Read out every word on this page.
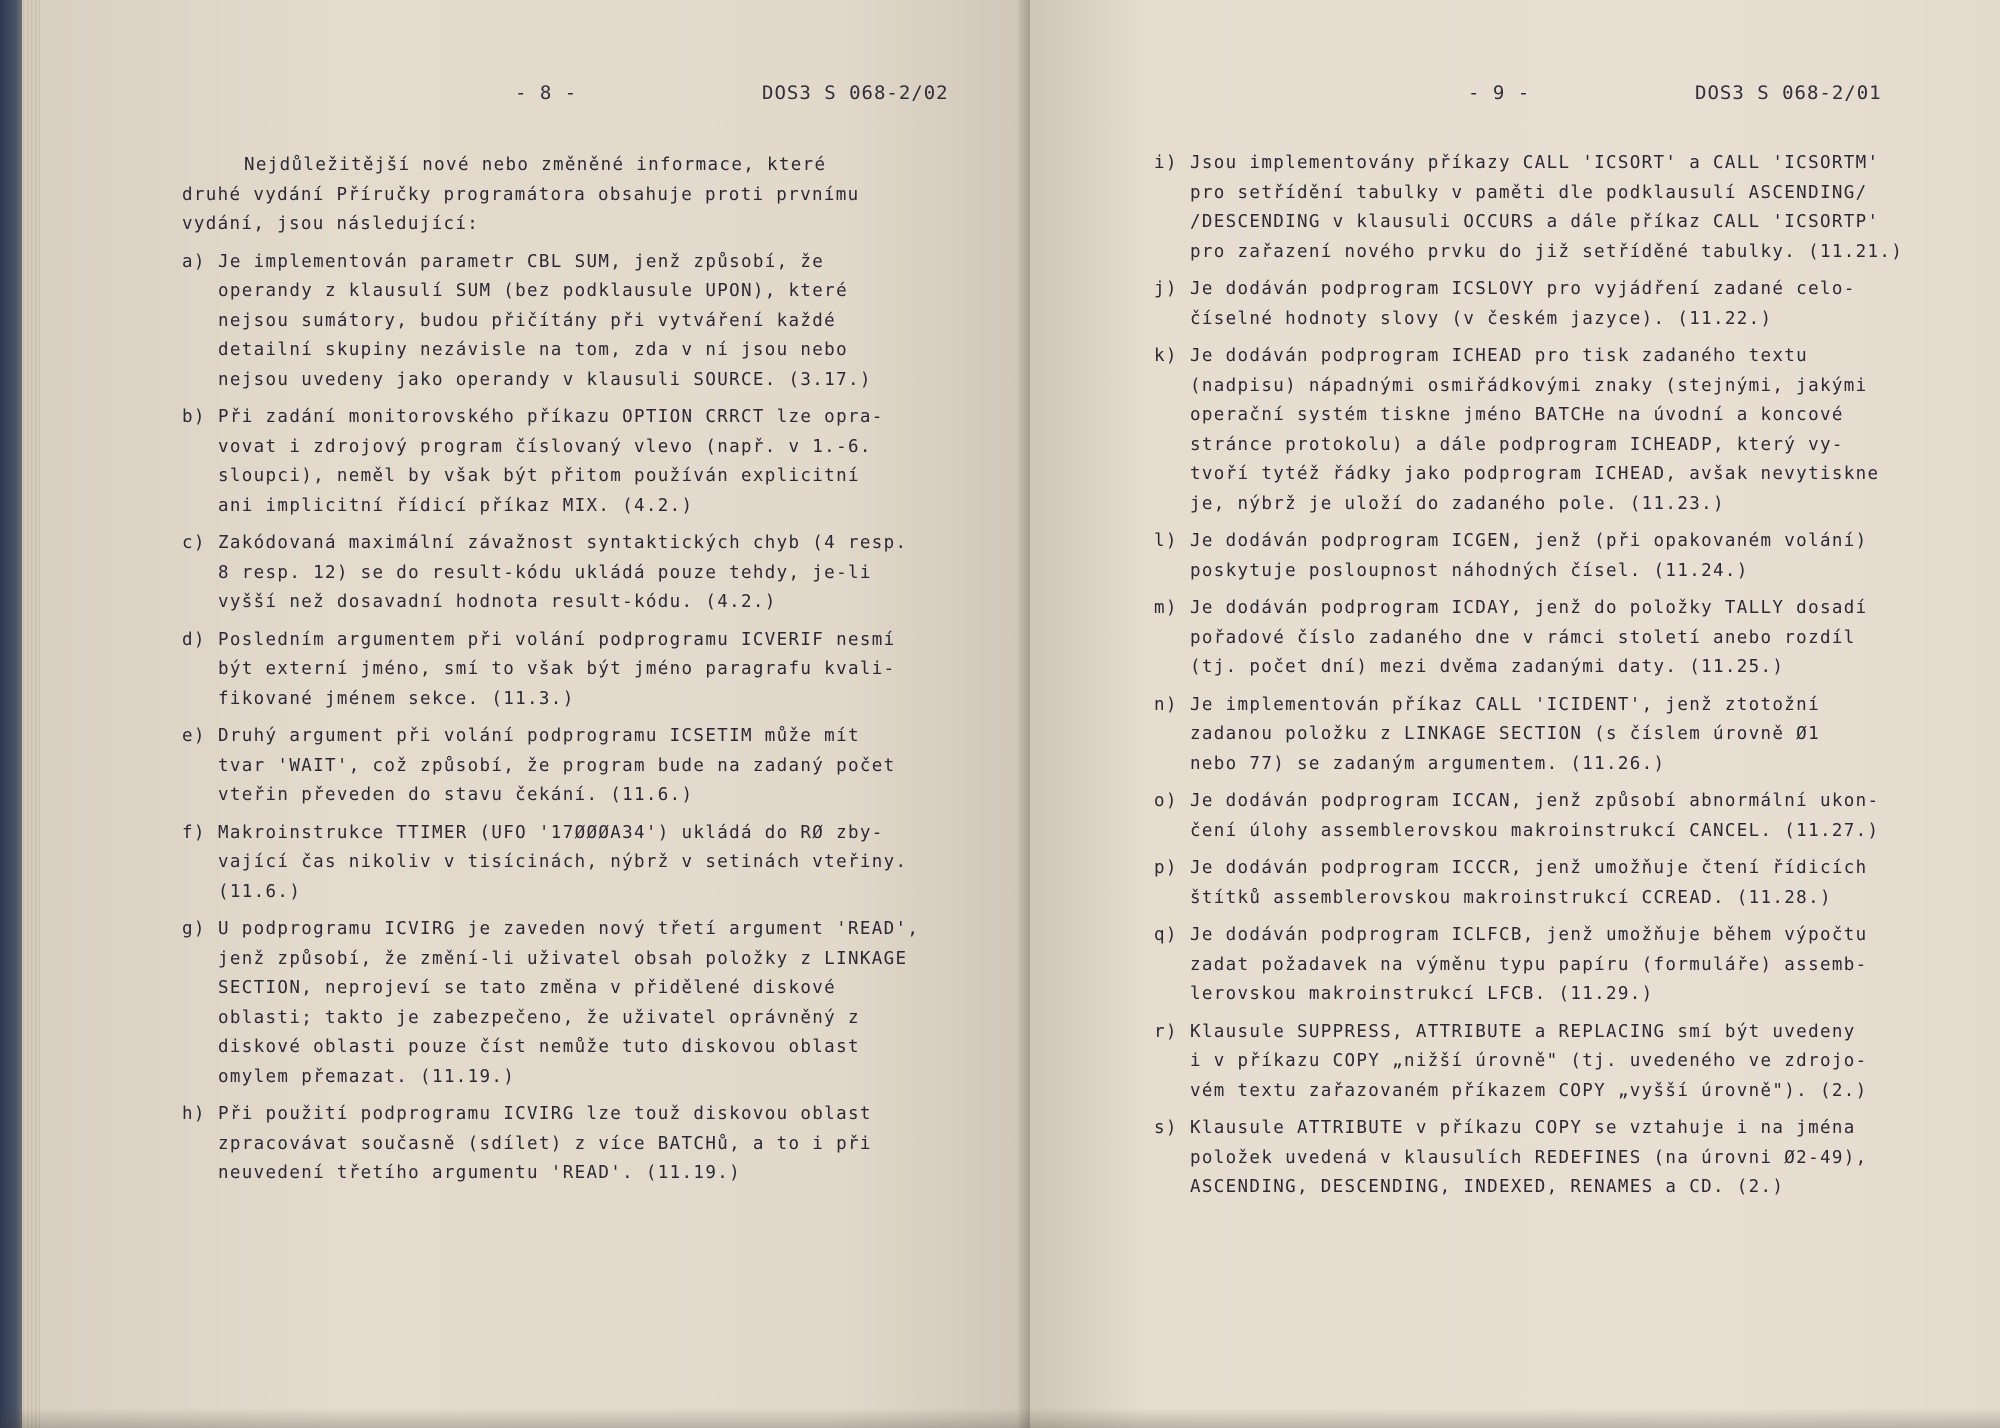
- 8 -	DOS3 S 068-2/02
Nejdůležitější nové nebo změněné informace, které
druhé vydání Příručky programátora obsahuje proti prvnímu
vydání, jsou následující:
a) Je implementován parametr CBL SUM, jenž způsobí, že
operandy z klausulí SUM (bez podklausule UPON), které
nejsou sumátory, budou přičítány při vytváření každé
detailní skupiny nezávisle na tom, zda v ní jsou nebo
nejsou uvedeny jako operandy v klausuli SOURCE. (3.17.)
b) Při zadání monitorovského příkazu OPTION CRRCT lze opra-
vovat i zdrojový program číslovaný vlevo (např. v 1.-6.
sloupci), neměl by však být přitom používán explicitní
ani implicitní řídicí příkaz MIX. (4.2.)
c) Zakódovaná maximální závažnost syntaktických chyb (4 resp.
8 resp. 12) se do result-kódu ukládá pouze tehdy, je-li
vyšší než dosavadní hodnota result-kódu. (4.2.)
d) Posledním argumentem při volání podprogramu ICVERIF nesmí
být externí jméno, smí to však být jméno paragrafu kvali-
fikované jménem sekce. (11.3.)
e) Druhý argument při volání podprogramu ICSETIM může mít
tvar 'WAIT', což způsobí, že program bude na zadaný počet
vteřin převeden do stavu čekání. (11.6.)
f) Makroinstrukce TTIMER (UFO '17ØØØA34') ukládá do RØ zby-
vající čas nikoliv v tisícinách, nýbrž v setinách vteřiny.
(11.6.)
g) U podprogramu ICVIRG je zaveden nový třetí argument 'READ',
jenž způsobí, že změní-li uživatel obsah položky z LINKAGE
SECTION, neprojeví se tato změna v přidělené diskové
oblasti; takto je zabezpečeno, že uživatel oprávněný z
diskové oblasti pouze číst nemůže tuto diskovou oblast
omylem přemazat. (11.19.)
h) Při použití podprogramu ICVIRG lze touž diskovou oblast
zpracovávat současně (sdílet) z více BATCHů, a to i při
neuvedení třetího argumentu 'READ'. (11.19.)
- 9 -	DOS3 S 068-2/01
i) Jsou implementovány příkazy CALL 'ICSORT' a CALL 'ICSORTM'
pro setřídění tabulky v paměti dle podklausulí ASCENDING/
/DESCENDING v klausuli OCCURS a dále příkaz CALL 'ICSORTP'
pro zařazení nového prvku do již setříděné tabulky. (11.21.)
j) Je dodáván podprogram ICSLOVY pro vyjádření zadané celo-
číselné hodnoty slovy (v českém jazyce). (11.22.)
k) Je dodáván podprogram ICHEAD pro tisk zadaného textu
(nadpisu) nápadnými osmiřádkovými znaky (stejnými, jakými
operační systém tiskne jméno BATCHe na úvodní a koncové
stránce protokolu) a dále podprogram ICHEADP, který vy-
tvoří tytéž řádky jako podprogram ICHEAD, avšak nevytiskne
je, nýbrž je uloží do zadaného pole. (11.23.)
l) Je dodáván podprogram ICGEN, jenž (při opakovaném volání)
poskytuje posloupnost náhodných čísel. (11.24.)
m) Je dodáván podprogram ICDAY, jenž do položky TALLY dosadí
pořadové číslo zadaného dne v rámci století anebo rozdíl
(tj. počet dní) mezi dvěma zadanými daty. (11.25.)
n) Je implementován příkaz CALL 'ICIDENT', jenž ztotožní
zadanou položku z LINKAGE SECTION (s číslem úrovně Ø1
nebo 77) se zadaným argumentem. (11.26.)
o) Je dodáván podprogram ICCAN, jenž způsobí abnormální ukon-
čení úlohy assemblerovskou makroinstrukcí CANCEL. (11.27.)
p) Je dodáván podprogram ICCCR, jenž umožňuje čtení řídicích
štítků assemblerovskou makroinstrukcí CCREAD. (11.28.)
q) Je dodáván podprogram ICLFCB, jenž umožňuje během výpočtu
zadat požadavek na výměnu typu papíru (formuláře) assemb-
lerovskou makroinstrukcí LFCB. (11.29.)
r) Klausule SUPPRESS, ATTRIBUTE a REPLACING smí být uvedeny
i v příkazu COPY „nižší úrovně" (tj. uvedeného ve zdrojo-
vém textu zařazovaném příkazem COPY „vyšší úrovně"). (2.)
s) Klausule ATTRIBUTE v příkazu COPY se vztahuje i na jména
položek uvedená v klausulích REDEFINES (na úrovni Ø2-49),
ASCENDING, DESCENDING, INDEXED, RENAMES a CD. (2.)
